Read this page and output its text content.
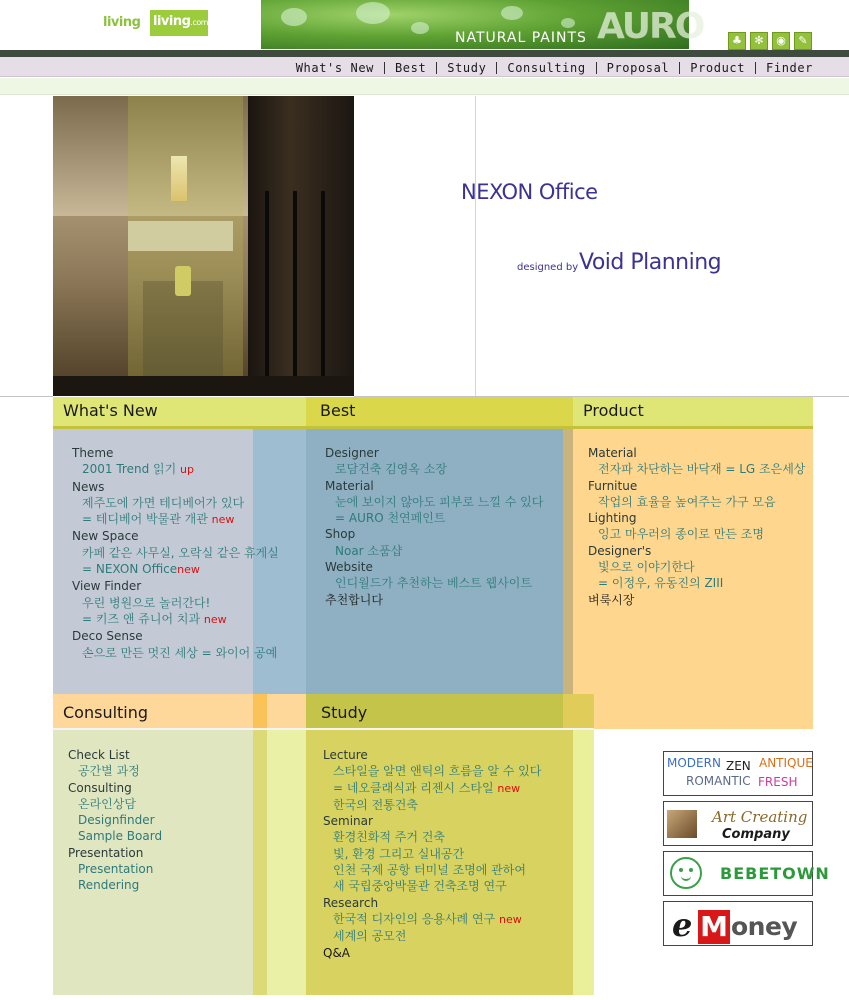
living living.com
NATURAL PAINTS AURO	♣	✻	◉	✎
What's New	Best	Study	Consulting	Proposal	Product	Finder
NEXON Office
designed by Void Planning
What's New	Best	Product
Consulting	Study
Theme
2001 Trend 읽기 up
News
제주도에 가면 테디베어가 있다
= 테디베어 박물관 개관 new
New Space
카페 같은 사무실, 오락실 같은 휴게실
= NEXON Officenew
View Finder
우린 병원으로 놀러간다!
= 키즈 앤 쥬니어 치과 new
Deco Sense
손으로 만든 멋진 세상 = 와이어 공예
Designer
로담건축 김영옥 소장
Material
눈에 보이지 않아도 피부로 느낄 수 있다
= AURO 천연페인트
Shop
Noar 소품샵
Website
인디월드가 추천하는 베스트 웹사이트
추천합니다
Material
전자파 차단하는 바닥재 = LG 조은세상
Furnitue
작업의 효율을 높여주는 가구 모음
Lighting
잉고 마우러의 종이로 만든 조명
Designer's
빛으로 이야기한다
= 이정우, 유동진의 ZIII
벼룩시장
Check List
공간별 과정
Consulting
온라인상담
Designfinder
Sample Board
Presentation
Presentation
Rendering
Lecture
스타일을 알면 앤틱의 흐름을 알 수 있다
= 네오클래식과 리젠시 스타일 new
한국의 전통건축
Seminar
환경친화적 주거 건축
빛, 환경 그리고 실내공간
인천 국제 공항 터미널 조명에 관하여
새 국립중앙박물관 건축조명 연구
Research
한국적 디자인의 응용사례 연구 new
세계의 공모전
Q&A
MODERN ZEN ANTIQUE
ROMANTIC FRESH
Art Creating
Company
BEBETOWN
e M oney
